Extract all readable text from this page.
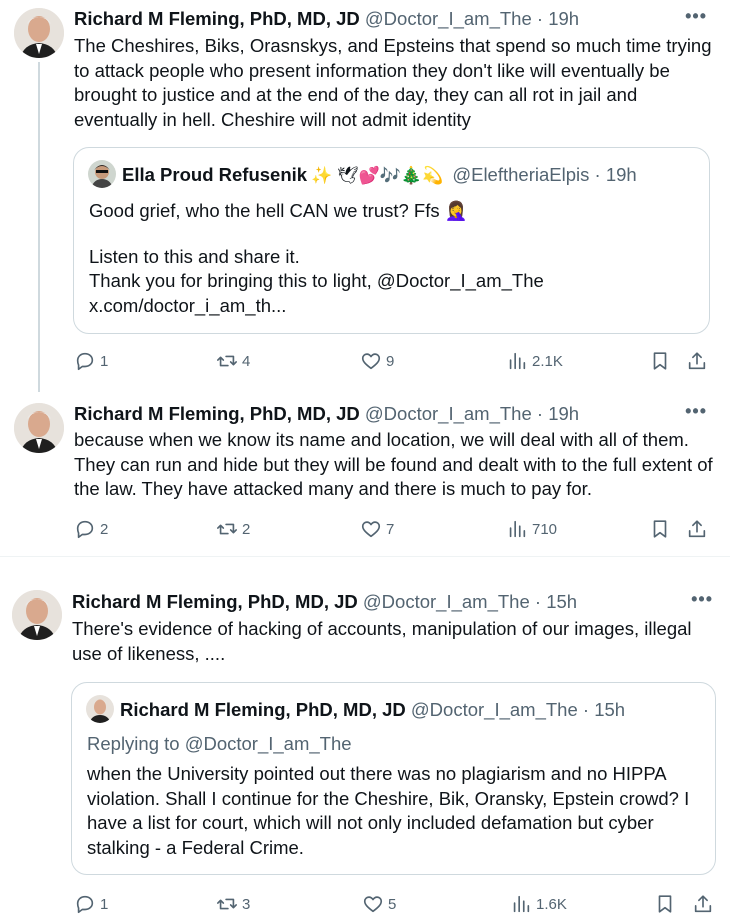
Richard M Fleming, PhD, MD, JD @Doctor_I_am_The · 19h	•••
The Cheshires, Biks, Orasnskys, and Epsteins that spend so much time trying to attack people who present information they don't like will eventually be brought to justice and at the end of the day, they can all rot in jail and eventually in hell. Cheshire will not admit identity
Ella Proud Refusenik ✨ 🕊💕🎶🎄💫 @EleftheriaElpis · 19h
Good grief, who the hell CAN we trust? Ffs 🤦‍♀️
Listen to this and share it.
Thank you for bringing this to light, @Doctor_I_am_The
x.com/doctor_i_am_th...
1	4	9	2.1K
Richard M Fleming, PhD, MD, JD @Doctor_I_am_The · 19h	•••
because when we know its name and location, we will deal with all of them. They can run and hide but they will be found and dealt with to the full extent of the law. They have attacked many and there is much to pay for.
2	2	7	710
Richard M Fleming, PhD, MD, JD @Doctor_I_am_The · 15h	•••
There's evidence of hacking of accounts, manipulation of our images, illegal use of likeness, ....
Richard M Fleming, PhD, MD, JD @Doctor_I_am_The · 15h
Replying to @Doctor_I_am_The
when the University pointed out there was no plagiarism and no HIPPA violation. Shall I continue for the Cheshire, Bik, Oransky, Epstein crowd? I have a list for court, which will not only included defamation but cyber stalking - a Federal Crime.
1	3	5	1.6K
